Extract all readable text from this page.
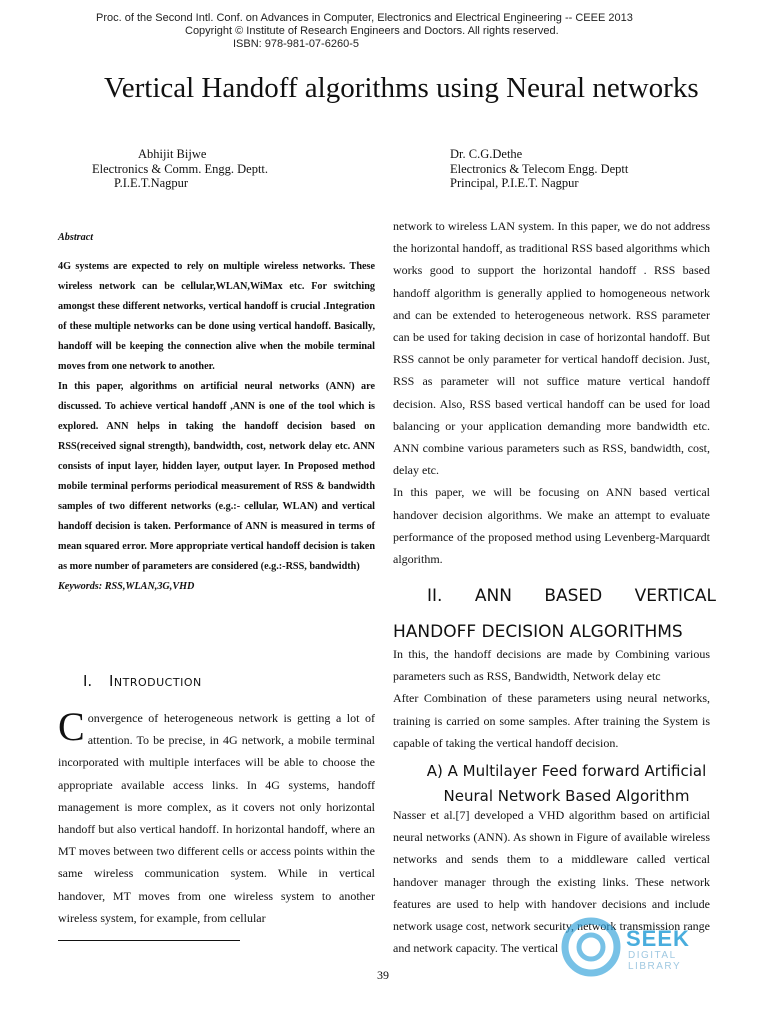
Proc. of the Second Intl. Conf. on Advances in Computer, Electronics and Electrical Engineering -- CEEE 2013
Copyright © Institute of Research Engineers and Doctors. All rights reserved.
ISBN: 978-981-07-6260-5
Vertical Handoff algorithms using Neural networks
Abhijit Bijwe
Electronics & Comm. Engg. Deptt.
P.I.E.T.Nagpur
Dr. C.G.Dethe
Electronics & Telecom Engg. Deptt
Principal, P.I.E.T. Nagpur
Abstract

4G systems are expected to rely on multiple wireless networks. These wireless network can be cellular,WLAN,WiMax etc. For switching amongst these different networks, vertical handoff is crucial .Integration of these multiple networks can be done using vertical handoff. Basically, handoff will be keeping the connection alive when the mobile terminal moves from one network to another.

In this paper, algorithms on artificial neural networks (ANN) are discussed. To achieve vertical handoff ,ANN is one of the tool which is explored. ANN helps in taking the handoff decision based on RSS(received signal strength), bandwidth, cost, network delay etc. ANN consists of input layer, hidden layer, output layer. In Proposed method mobile terminal performs periodical measurement of RSS & bandwidth samples of two different networks (e.g.:- cellular, WLAN) and vertical handoff decision is taken. Performance of ANN is measured in terms of mean squared error. More appropriate vertical handoff decision is taken as more number of parameters are considered (e.g.:-RSS, bandwidth)

Keywords: RSS,WLAN,3G,VHD
I. Introduction

Convergence of heterogeneous network is getting a lot of attention. To be precise, in 4G network, a mobile terminal incorporated with multiple interfaces will be able to choose the appropriate available access links. In 4G systems, handoff management is more complex, as it covers not only horizontal handoff but also vertical handoff. In horizontal handoff, where an MT moves between two different cells or access points within the same wireless communication system. While in vertical handover, MT moves from one wireless system to another wireless system, for example, from cellular

network to wireless LAN system. In this paper, we do not address the horizontal handoff, as traditional RSS based algorithms which works good to support the horizontal handoff . RSS based handoff algorithm is generally applied to homogeneous network and can be extended to heterogeneous network. RSS parameter can be used for taking decision in case of horizontal handoff. But RSS cannot be only parameter for vertical handoff decision. Just, RSS as parameter will not suffice mature vertical handoff decision. Also, RSS based vertical handoff can be used for load balancing or your application demanding more bandwidth etc. ANN combine various parameters such as RSS, bandwidth, cost, delay etc.

In this paper, we will be focusing on ANN based vertical handover decision algorithms. We make an attempt to evaluate performance of the proposed method using Levenberg-Marquardt algorithm.

II.      ANN      BASED      VERTICAL
HANDOFF DECISION ALGORITHMS

In this, the handoff decisions are made by Combining various parameters such as RSS, Bandwidth, Network delay etc

After Combination of these parameters using neural networks, training is carried on some samples. After training the System is capable of taking the vertical handoff decision.

A) A Multilayer Feed forward Artificial
Neural Network Based Algorithm

Nasser et al.[7] developed a VHD algorithm based on artificial neural networks (ANN). As shown in Figure of available wireless networks and sends them to a middleware called vertical handover manager through the existing links. These network features are used to help with handover decisions and include network usage cost, network security, network transmission range and network capacity. The vertical	SEEK
DIGITAL LIBRARY
39
